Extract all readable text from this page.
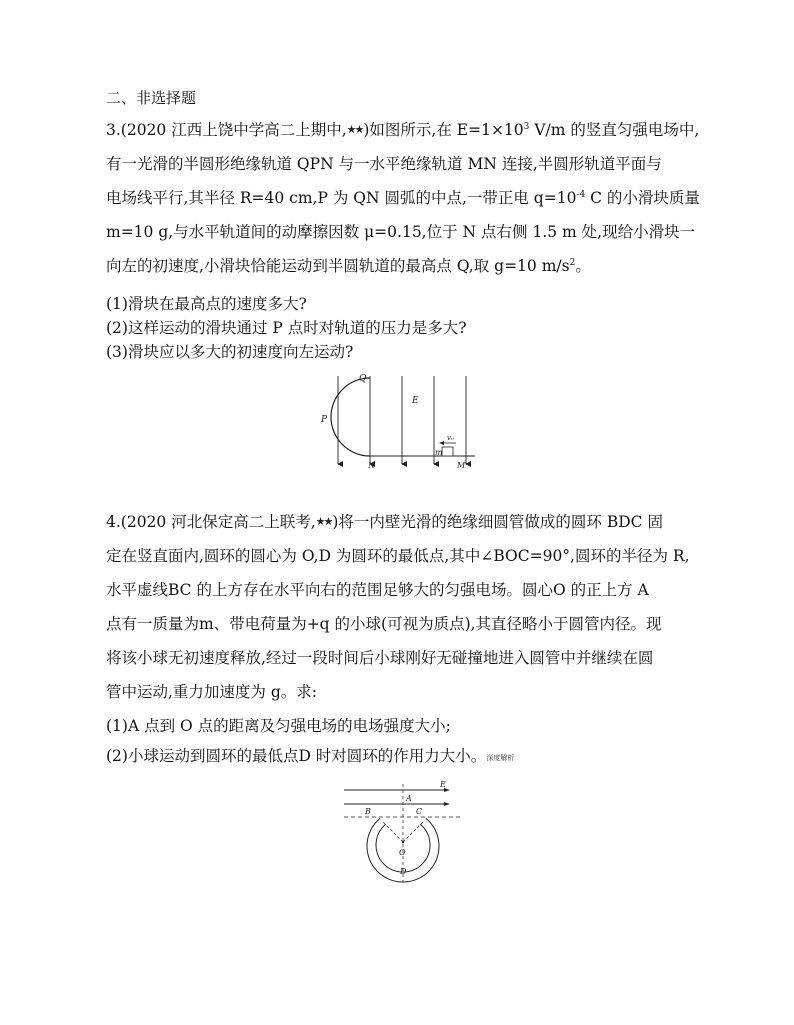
二、非选择题
3.(2020 江西上饶中学高二上期中,★★)如图所示,在 $E=1\times 10^3$ V/m 的竖直匀强电场中,
有一光滑的半圆形绝缘轨道 QPN 与一水平绝缘轨道 MN 连接,半圆形轨道平面与
电场线平行,其半径 R=40 cm,P 为 QN 圆弧的中点,一带正电 $q=10^{-4}$ C 的小滑块质量
m=10 g,与水平轨道间的动摩擦因数 μ=0.15,位于 N 点右侧 1.5 m 处,现给小滑块一
向左的初速度,小滑块恰能运动到半圆轨道的最高点 Q,取 g=10 $m/s^2$。
(1)滑块在最高点的速度多大?
(2)这样运动的滑块通过 P 点时对轨道的压力是多大?
(3)滑块应以多大的初速度向左运动?
Q
P
E
N	M
m
v₀
4.(2020 河北保定高二上联考,★★)将一内壁光滑的绝缘细圆管做成的圆环 BDC 固
定在竖直面内,圆环的圆心为 O,D 为圆环的最低点,其中∠BOC=90°,圆环的半径为 R,
水平虚线BC 的上方存在水平向右的范围足够大的匀强电场。圆心O 的正上方 A
点有一质量为m、带电荷量为+q 的小球(可视为质点),其直径略小于圆管内径。现
将该小球无初速度释放,经过一段时间后小球刚好无碰撞地进入圆管中并继续在圆
管中运动,重力加速度为 g。求:
(1)A 点到 O 点的距离及匀强电场的电场强度大小;
(2)小球运动到圆环的最低点D 时对圆环的作用力大小。深度解析
A
B	C
O
D
E
